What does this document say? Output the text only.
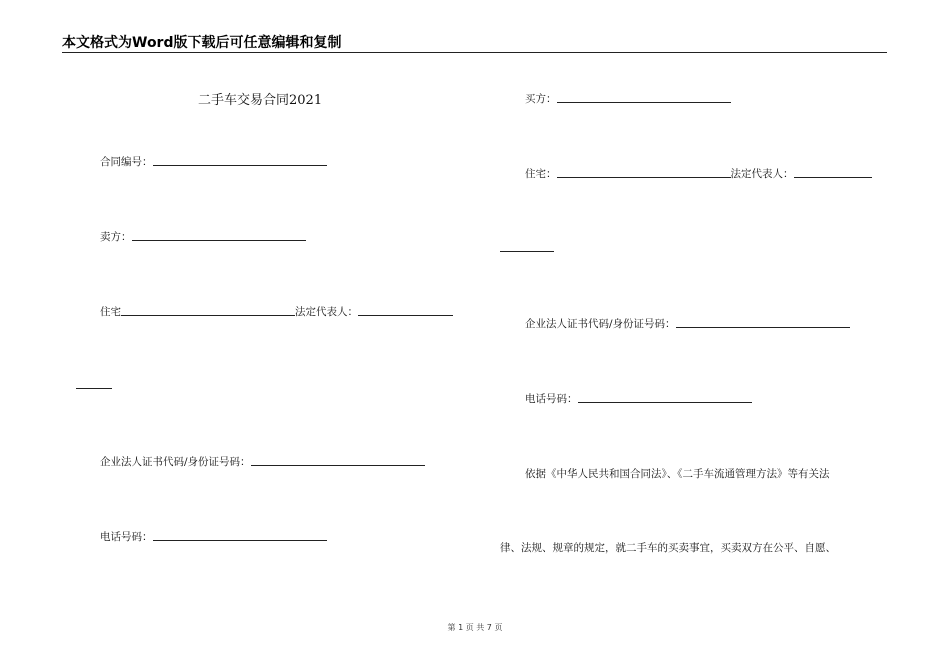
本文格式为Word版下载后可任意编辑和复制
二手车交易合同2021
合同编号：
卖方：
住宅	法定代表人：
企业法人证书代码/身份证号码：
电话号码：
买方：
住宅：	法定代表人：
企业法人证书代码/身份证号码：
电话号码：
依据《中华人民共和国合同法》、《二手车流通管理方法》等有关法
律、法规、规章的规定，就二手车的买卖事宜，买卖双方在公平、自愿、
第 1 页 共 7 页
